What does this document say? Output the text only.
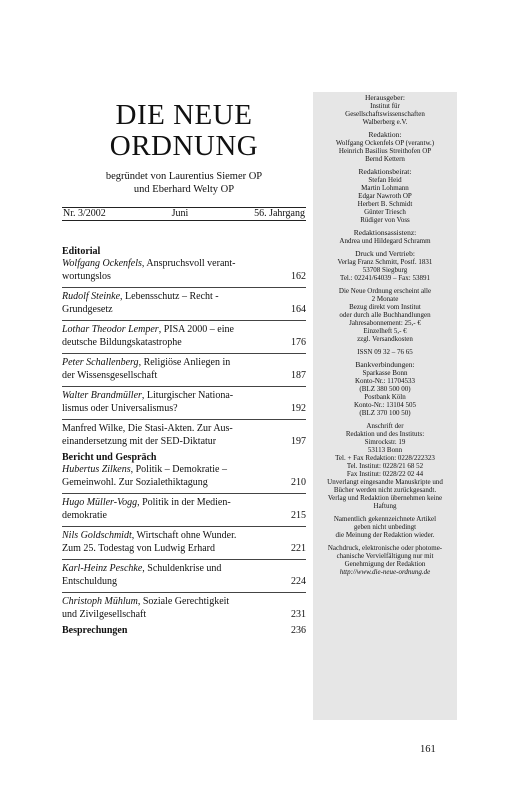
DIE NEUE
ORDNUNG
begründet von Laurentius Siemer OP
und Eberhard Welty OP
Nr. 3/2002	Juni	56. Jahrgang
Editorial
Wolfgang Ockenfels, Anspruchsvoll verant-
wortungslos	162
Rudolf Steinke, Lebensschutz – Recht -
Grundgesetz	164
Lothar Theodor Lemper, PISA 2000 – eine
deutsche Bildungskatastrophe	176
Peter Schallenberg, Religiöse Anliegen in
der Wissensgesellschaft	187
Walter Brandmüller, Liturgischer Nationa-
lismus oder Universalismus?	192
Manfred Wilke, Die Stasi-Akten. Zur Aus-
einandersetzung mit der SED-Diktatur	197
Bericht und Gespräch
Hubertus Zilkens, Politik – Demokratie –
Gemeinwohl. Zur Sozialethiktagung	210
Hugo Müller-Vogg, Politik in der Medien-
demokratie	215
Nils Goldschmidt, Wirtschaft ohne Wunder.
Zum 25. Todestag von Ludwig Erhard	221
Karl-Heinz Peschke, Schuldenkrise und
Entschuldung	224
Christoph Mühlum, Soziale Gerechtigkeit
und Zivilgesellschaft	231
Besprechungen	236
Herausgeber:
Institut für
Gesellschaftswissenschaften
Walberberg e.V.
Redaktion:
Wolfgang Ockenfels OP (verantw.)
Heinrich Basilius Streithofen OP
Bernd Kettern
Redaktionsbeirat:
Stefan Heid
Martin Lohmann
Edgar Nawroth OP
Herbert B. Schmidt
Günter Triesch
Rüdiger von Voss
Redaktionsassistenz:
Andrea und Hildegard Schramm
Druck und Vertrieb:
Verlag Franz Schmitt, Postf. 1831
53708 Siegburg
Tel.: 02241/64039 – Fax: 53891
Die Neue Ordnung erscheint alle
2 Monate
Bezug direkt vom Institut
oder durch alle Buchhandlungen
Jahresabonnement: 25,- €
Einzelheft 5,- €
zzgl. Versandkosten
ISSN 09 32 – 76 65
Bankverbindungen:
Sparkasse Bonn
Konto-Nr.: 11704533
(BLZ 380 500 00)
Postbank Köln
Konto-Nr.: 13104 505
(BLZ 370 100 50)
Anschrift der
Redaktion und des Instituts:
Simrockstr. 19
53113 Bonn
Tel. + Fax Redaktion: 0228/222323
Tel. Institut: 0228/21 68 52
Fax Institut: 0228/22 02 44
Unverlangt eingesandte Manuskripte und
Bücher werden nicht zurückgesandt.
Verlag und Redaktion übernehmen keine
Haftung
Namentlich gekennzeichnete Artikel
geben nicht unbedingt
die Meinung der Redaktion wieder.
Nachdruck, elektronische oder photome-
chanische Vervielfältigung nur mit
Genehmigung der Redaktion
http://www.die-neue-ordnung.de
161
